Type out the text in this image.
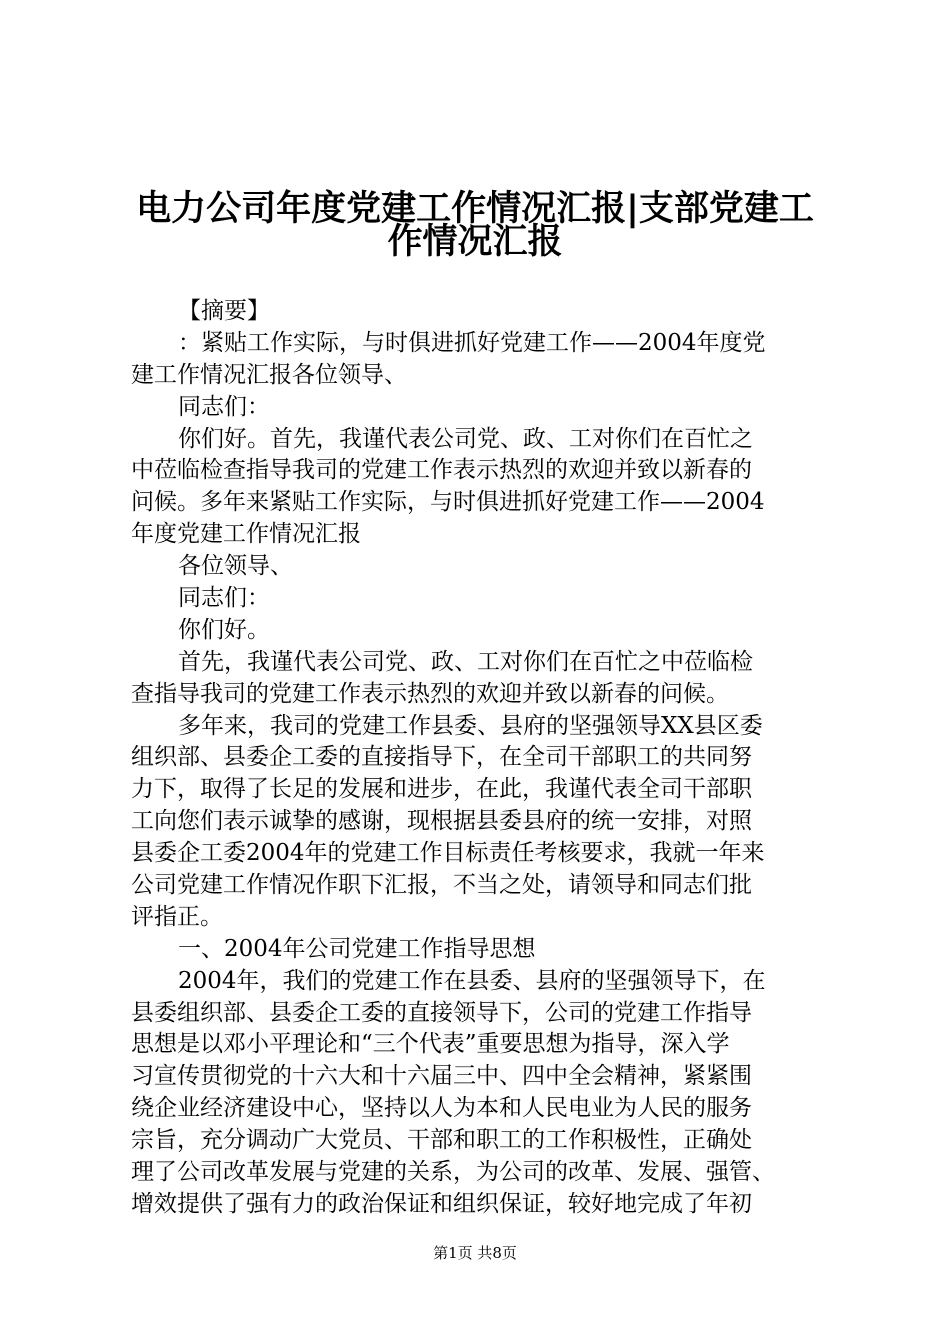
电力公司年度党建工作情况汇报|支部党建工
作情况汇报
【摘要】
：紧贴工作实际，与时俱进抓好党建工作——2004年度党
建工作情况汇报各位领导、
同志们：
你们好。首先，我谨代表公司党、政、工对你们在百忙之
中莅临检查指导我司的党建工作表示热烈的欢迎并致以新春的
问候。多年来紧贴工作实际，与时俱进抓好党建工作——2004
年度党建工作情况汇报
各位领导、
同志们：
你们好。
首先，我谨代表公司党、政、工对你们在百忙之中莅临检
查指导我司的党建工作表示热烈的欢迎并致以新春的问候。
多年来，我司的党建工作县委、县府的坚强领导XX县区委
组织部、县委企工委的直接指导下，在全司干部职工的共同努
力下，取得了长足的发展和进步，在此，我谨代表全司干部职
工向您们表示诚挚的感谢，现根据县委县府的统一安排，对照
县委企工委2004年的党建工作目标责任考核要求，我就一年来
公司党建工作情况作职下汇报，不当之处，请领导和同志们批
评指正。
一、2004年公司党建工作指导思想
2004年，我们的党建工作在县委、县府的坚强领导下，在
县委组织部、县委企工委的直接领导下，公司的党建工作指导
思想是以邓小平理论和“三个代表”重要思想为指导，深入学
习宣传贯彻党的十六大和十六届三中、四中全会精神，紧紧围
绕企业经济建设中心，坚持以人为本和人民电业为人民的服务
宗旨，充分调动广大党员、干部和职工的工作积极性，正确处
理了公司改革发展与党建的关系，为公司的改革、发展、强管、
增效提供了强有力的政治保证和组织保证，较好地完成了年初
第1页 共8页
